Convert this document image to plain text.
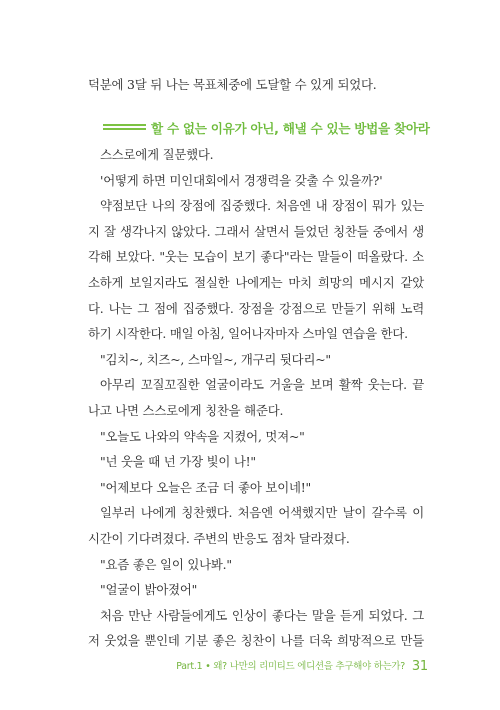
덕분에 3달 뒤 나는 목표체중에 도달할 수 있게 되었다.
할 수 없는 이유가 아닌, 해낼 수 있는 방법을 찾아라
스스로에게 질문했다.
'어떻게 하면 미인대회에서 경쟁력을 갖출 수 있을까?'
약점보단 나의 장점에 집중했다. 처음엔 내 장점이 뭐가 있는
지 잘 생각나지 않았다. 그래서 살면서 들었던 칭찬들 중에서 생
각해 보았다. "웃는 모습이 보기 좋다"라는 말들이 떠올랐다. 소
소하게 보일지라도 절실한 나에게는 마치 희망의 메시지 같았
다. 나는 그 점에 집중했다. 장점을 강점으로 만들기 위해 노력
하기 시작한다. 매일 아침, 일어나자마자 스마일 연습을 한다.
"김치~, 치즈~, 스마일~, 개구리 뒷다리~"
아무리 꼬질꼬질한 얼굴이라도 거울을 보며 활짝 웃는다. 끝
나고 나면 스스로에게 칭찬을 해준다.
"오늘도 나와의 약속을 지켰어, 멋져~"
"넌 웃을 때 넌 가장 빛이 나!"
"어제보다 오늘은 조금 더 좋아 보이네!"
일부러 나에게 칭찬했다. 처음엔 어색했지만 날이 갈수록 이
시간이 기다려졌다. 주변의 반응도 점차 달라졌다.
"요즘 좋은 일이 있나봐."
"얼굴이 밝아졌어"
처음 만난 사람들에게도 인상이 좋다는 말을 듣게 되었다. 그
저 웃었을 뿐인데 기분 좋은 칭찬이 나를 더욱 희망적으로 만들
Part.1 • 왜? 나만의 리미티드 에디션을 추구해야 하는가? 31
